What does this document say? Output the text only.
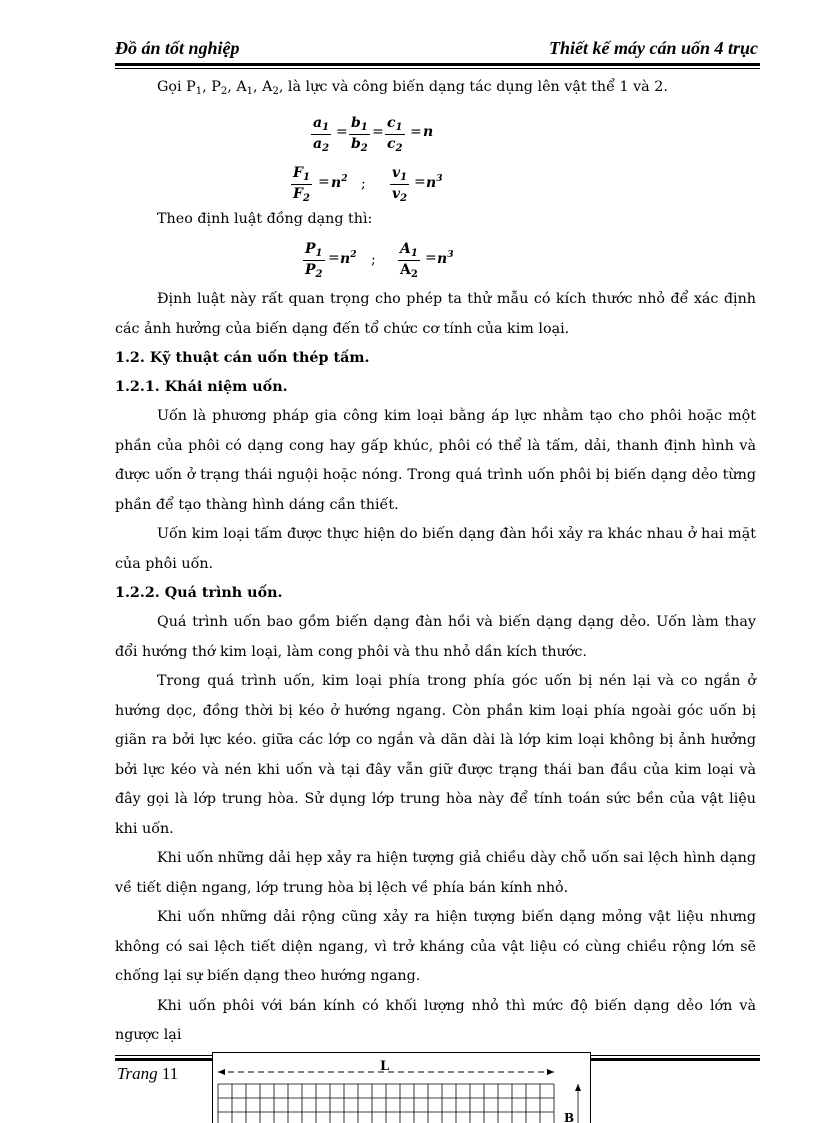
Đồ án tốt nghiệp	Thiết kế máy cán uốn 4 trục

Gọi $P_1$, $P_2$, $A_1$, $A_2$, là lực và công biến dạng tác dụng lên vật thể 1 và 2.

$\frac{a_1}{a_2} = \frac{b_1}{b_2} = \frac{c_1}{c_2} = n$
$\frac{F_1}{F_2} = n^2$ ; $\frac{v_1}{v_2} = n^3$

Theo định luật đồng dạng thì:

$\frac{P_1}{P_2} = n^2$ ; $\frac{A_1}{A_2} = n^3$

Định luật này rất quan trọng cho phép ta thử mẫu có kích thước nhỏ để xác định các ảnh hưởng của biến dạng đến tổ chức cơ tính của kim loại.

1.2. Kỹ thuật cán uốn thép tấm.

1.2.1. Khái niệm uốn.

Uốn là phương pháp gia công kim loại bằng áp lực nhằm tạo cho phôi hoặc một phần của phôi có dạng cong hay gấp khúc, phôi có thể là tấm, dải, thanh định hình và được uốn ở trạng thái nguội hoặc nóng. Trong quá trình uốn phôi bị biến dạng dẻo từng phần để tạo thàng hình dáng cần thiết.

Uốn kim loại tấm được thực hiện do biến dạng đàn hồi xảy ra khác nhau ở hai mặt của phôi uốn.

1.2.2. Quá trình uốn.

Quá trình uốn bao gồm biến dạng đàn hồi và biến dạng dạng dẻo. Uốn làm thay đổi hướng thớ kim loại, làm cong phôi và thu nhỏ dần kích thước.

Trong quá trình uốn, kim loại phía trong phía góc uốn bị nén lại và co ngắn ở hướng dọc, đồng thời bị kéo ở hướng ngang. Còn phần kim loại phía ngoài góc uốn bị giãn ra bởi lực kéo. giữa các lớp co ngắn và dãn dài là lớp kim loại không bị ảnh hưởng bởi lực kéo và nén khi uốn và tại đây vẫn giữ được trạng thái ban đầu của kim loại và đây gọi là lớp trung hòa. Sử dụng lớp trung hòa này để tính toán sức bền của vật liệu khi uốn.

Khi uốn những dải hẹp xảy ra hiện tượng giả chiều dày chỗ uốn sai lệch hình dạng về tiết diện ngang, lớp trung hòa bị lệch về phía bán kính nhỏ.

Khi uốn những dải rộng cũng xảy ra hiện tượng biến dạng mỏng vật liệu nhưng không có sai lệch tiết diện ngang, vì trở kháng của vật liệu có cùng chiều rộng lớn sẽ chống lại sự biến dạng theo hướng ngang.

Khi uốn phôi với bán kính có khối lượng nhỏ thì mức độ biến dạng dẻo lớn và ngược lại

Trang 11	L
B
